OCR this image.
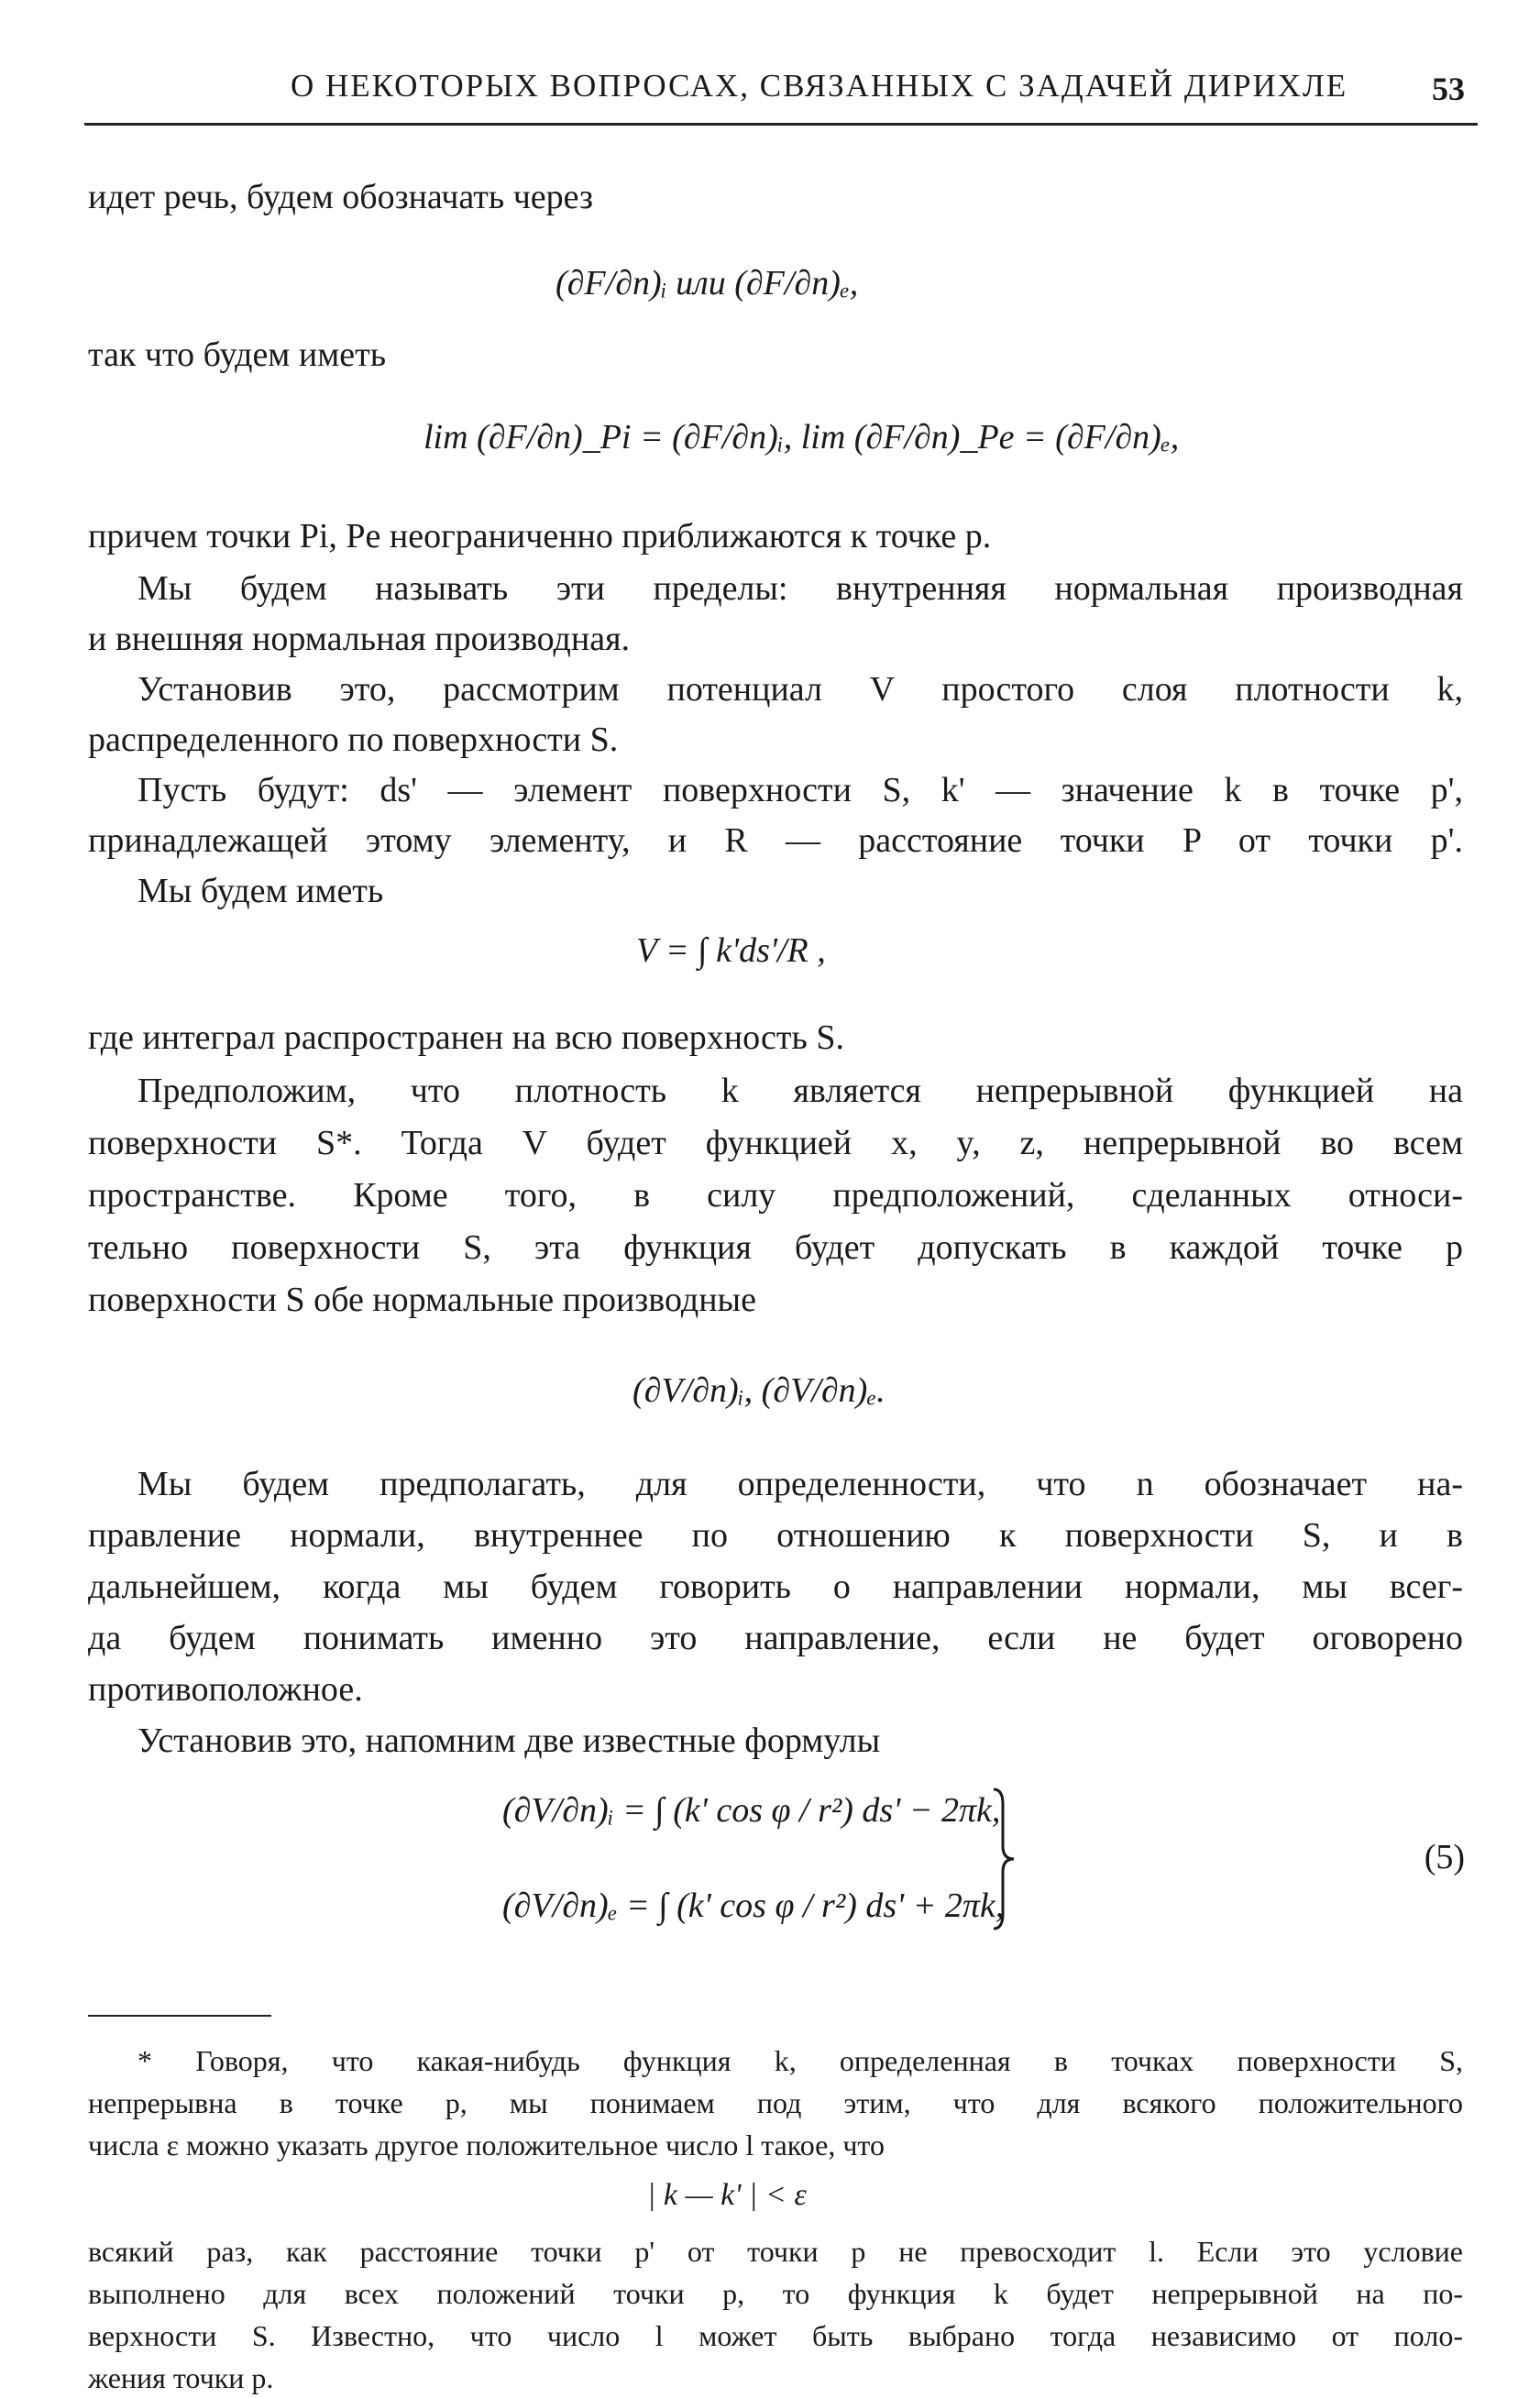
О НЕКОТОРЫХ ВОПРОСАХ, СВЯЗАННЫХ С ЗАДАЧЕЙ ДИРИХЛЕ	53
идет речь, будем обозначать через
(∂F/∂n)ᵢ или (∂F/∂n)ₑ,
так что будем иметь
lim (∂F/∂n)_Pi = (∂F/∂n)ᵢ, lim (∂F/∂n)_Pe = (∂F/∂n)ₑ,
причем точки Pi, Pe неограниченно приближаются к точке p.
Мы будем называть эти пределы: внутренняя нормальная производная
и внешняя нормальная производная.
Установив это, рассмотрим потенциал V простого слоя плотности k,
распределенного по поверхности S.
Пусть будут: ds' — элемент поверхности S, k' — значение k в точке p',
принадлежащей этому элементу, и R — расстояние точки P от точки p'.
Мы будем иметь
V = ∫ k'ds'/R ,
где интеграл распространен на всю поверхность S.
Предположим, что плотность k является непрерывной функцией на
поверхности S*. Тогда V будет функцией x, y, z, непрерывной во всем
пространстве. Кроме того, в силу предположений, сделанных относи-
тельно поверхности S, эта функция будет допускать в каждой точке p
поверхности S обе нормальные производные
(∂V/∂n)ᵢ, (∂V/∂n)ₑ.
Мы будем предполагать, для определенности, что n обозначает на-
правление нормали, внутреннее по отношению к поверхности S, и в
дальнейшем, когда мы будем говорить о направлении нормали, мы всег-
да будем понимать именно это направление, если не будет оговорено
противоположное.
Установив это, напомним две известные формулы
(∂V/∂n)ᵢ = ∫ (k' cos φ / r²) ds' − 2πk,
(∂V/∂n)ₑ = ∫ (k' cos φ / r²) ds' + 2πk,
(5)
* Говоря, что какая-нибудь функция k, определенная в точках поверхности S,
непрерывна в точке p, мы понимаем под этим, что для всякого положительного
числа ε можно указать другое положительное число l такое, что
| k — k' | < ε
всякий раз, как расстояние точки p' от точки p не превосходит l. Если это условие
выполнено для всех положений точки p, то функция k будет непрерывной на по-
верхности S. Известно, что число l может быть выбрано тогда независимо от поло-
жения точки p.
